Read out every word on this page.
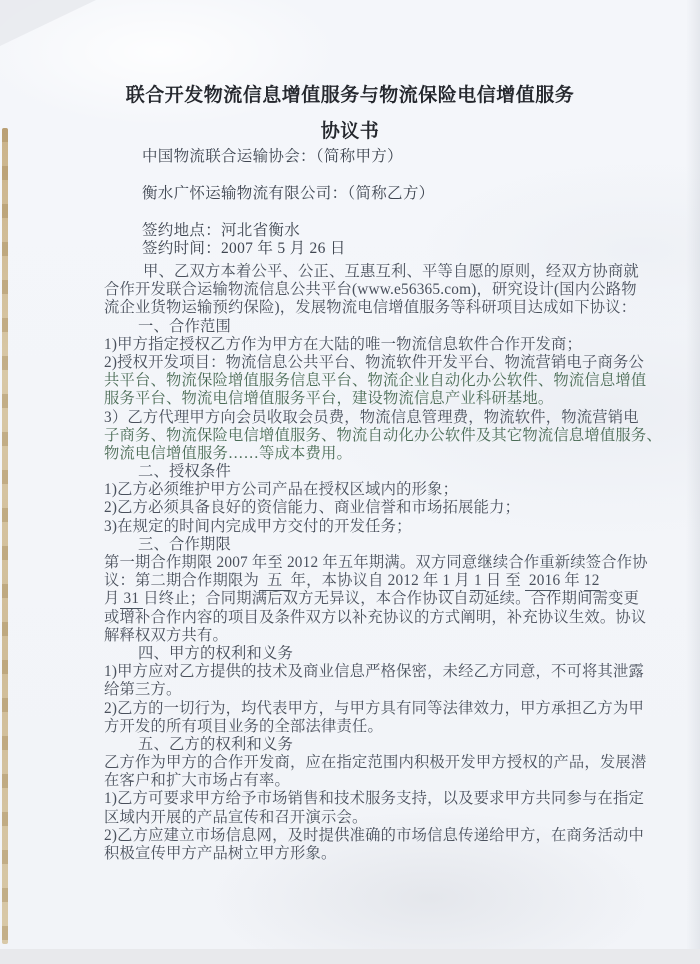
联合开发物流信息增值服务与物流保险电信增值服务
协议书
中国物流联合运输协会：（简称甲方）
衡水广怀运输物流有限公司：（简称乙方）
签约地点：河北省衡水
签约时间：2007 年 5 月 26 日
甲、乙双方本着公平、公正、互惠互利、平等自愿的原则，经双方协商就
合作开发联合运输物流信息公共平台(www.e56365.com)，研究设计(国内公路物
流企业货物运输预约保险)，发展物流电信增值服务等科研项目达成如下协议：
一、合作范围
1)甲方指定授权乙方作为甲方在大陆的唯一物流信息软件合作开发商；
2)授权开发项目：物流信息公共平台、物流软件开发平台、物流营销电子商务公
共平台、物流保险增值服务信息平台、物流企业自动化办公软件、物流信息增值
服务平台、物流电信增值服务平台，建设物流信息产业科研基地。
3）乙方代理甲方向会员收取会员费，物流信息管理费，物流软件，物流营销电
子商务、物流保险电信增值服务、物流自动化办公软件及其它物流信息增值服务、
物流电信增值服务……等成本费用。
二、授权条件
1)乙方必须维护甲方公司产品在授权区域内的形象；
2)乙方必须具备良好的资信能力、商业信誉和市场拓展能力；
3)在规定的时间内完成甲方交付的开发任务；
三、合作期限
第一期合作期限 2007 年至 2012 年五年期满。双方同意继续合作重新续签合作协
议：第二期合作期限为  五  年，本协议自 2012 年 1 月 1 日 至  2016 年 12
月 31 日终止；合同期满后双方无异议，本合作协议自动延续。合作期间需变更
或增补合作内容的项目及条件双方以补充协议的方式阐明，补充协议生效。协议
解释权双方共有。
四、甲方的权利和义务
1)甲方应对乙方提供的技术及商业信息严格保密，未经乙方同意，不可将其泄露
给第三方。
2)乙方的一切行为，均代表甲方，与甲方具有同等法律效力，甲方承担乙方为甲
方开发的所有项目业务的全部法律责任。
五、乙方的权利和义务
乙方作为甲方的合作开发商，应在指定范围内积极开发甲方授权的产品，发展潜
在客户和扩大市场占有率。
1)乙方可要求甲方给予市场销售和技术服务支持，以及要求甲方共同参与在指定
区域内开展的产品宣传和召开演示会。
2)乙方应建立市场信息网，及时提供准确的市场信息传递给甲方，在商务活动中
积极宣传甲方产品树立甲方形象。
